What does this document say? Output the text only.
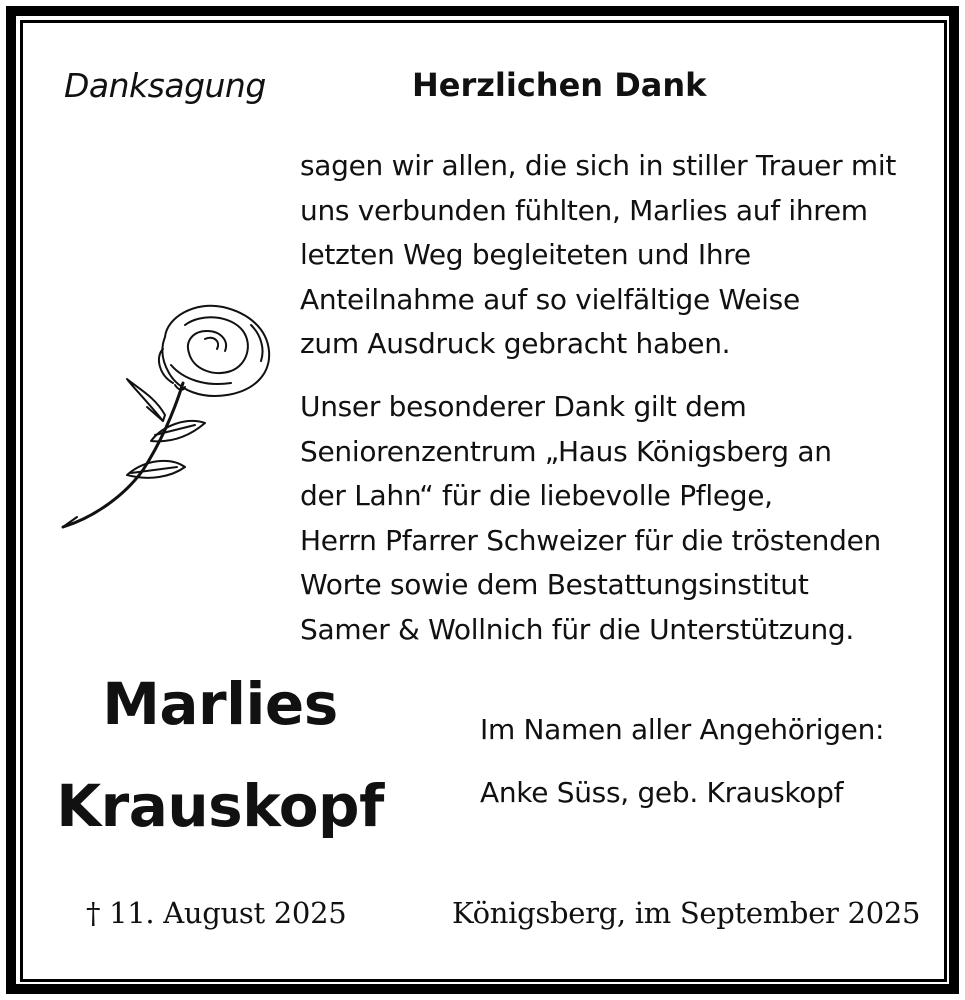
Danksagung	Herzlichen Dank
sagen wir allen, die sich in stiller Trauer mit
uns verbunden fühlten, Marlies auf ihrem
letzten Weg begleiteten und Ihre
Anteilnahme auf so vielfältige Weise
zum Ausdruck gebracht haben.
Unser besonderer Dank gilt dem
Seniorenzentrum „Haus Königsberg an
der Lahn“ für die liebevolle Pflege,
Herrn Pfarrer Schweizer für die tröstenden
Worte sowie dem Bestattungsinstitut
Samer & Wollnich für die Unterstützung.
Marlies
Krauskopf
Im Namen aller Angehörigen:
Anke Süss, geb. Krauskopf
† 11. August 2025	Königsberg, im September 2025
